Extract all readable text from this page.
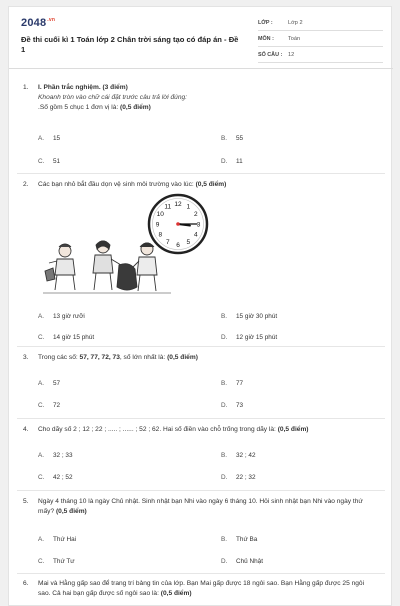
$2048^{.vn}$
Đề thi cuối kì 1 Toán lớp 2 Chân trời sáng tạo có đáp án - Đề 1
LỚP :	Lớp 2
MÔN :	Toán
SỐ CÂU : 12
1. I. Phần trắc nghiệm. (3 điểm)
Khoanh tròn vào chữ cái đặt trước câu trả lời đúng:
.Số gồm 5 chục 1 đơn vị là: (0,5 điểm)
A. 15	B. 55
C. 51	D. 11
2. Các bạn nhỏ bắt đầu dọn vệ sinh môi trường vào lúc: (0,5 điểm)
12 1
2
3
4
5
6
7
8
9
10
11
A. 13 giờ rưỡi	B. 15 giờ 30 phút
C. 14 giờ 15 phút	D. 12 giờ 15 phút
3. Trong các số: 57, 77, 72, 73, số lớn nhất là: (0,5 điểm)
A. 57	B. 77
C. 72	D. 73
4. Cho dãy số 2 ; 12 ; 22 ; ..... ; ...... ; 52 ; 62. Hai số điền vào chỗ trống trong dãy là: (0,5 điểm)
A. 32 ; 33	B. 32 ; 42
C. 42 ; 52	D. 22 ; 32
5. Ngày 4 tháng 10 là ngày Chủ nhật. Sinh nhật bạn Nhi vào ngày 6 tháng 10. Hỏi sinh nhật bạn Nhi vào ngày thứ mấy? (0,5 điểm)
A. Thứ Hai	B. Thứ Ba
C. Thứ Tư	D. Chủ Nhật
6. Mai và Hằng gấp sao để trang trí bảng tin của lớp. Bạn Mai gấp được 18 ngôi sao. Bạn Hằng gấp được 25 ngôi sao. Cả hai bạn gấp được số ngôi sao là: (0,5 điểm)
